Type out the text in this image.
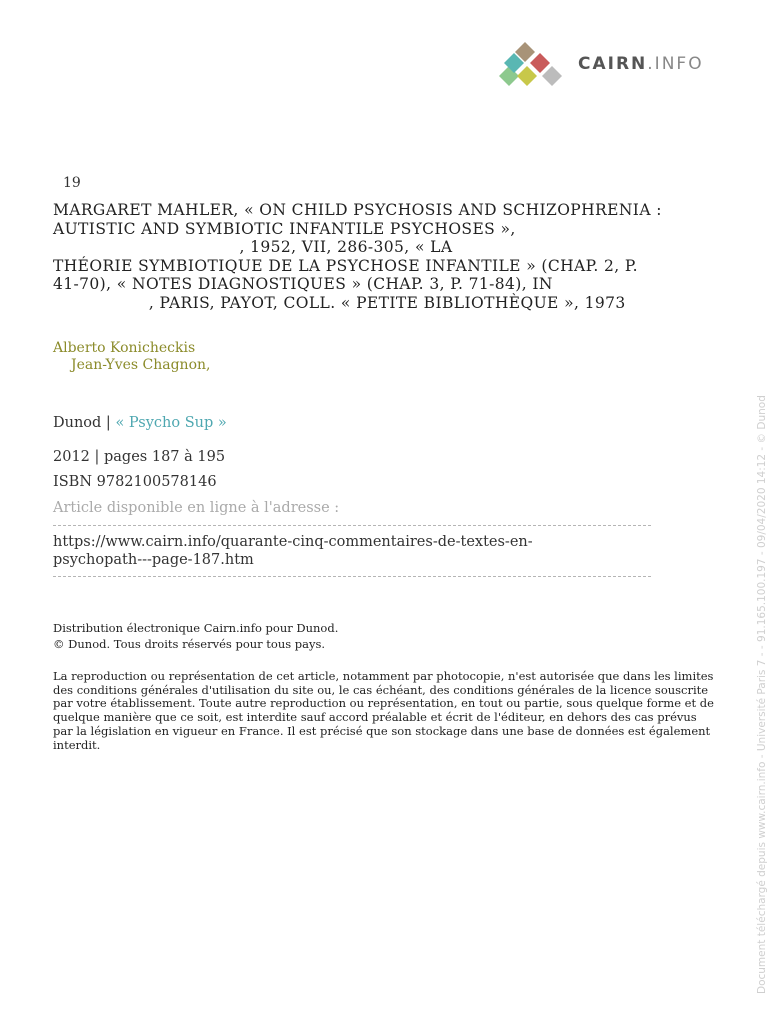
CAIRN.INFO
19
MARGARET MAHLER, « ON CHILD PSYCHOSIS AND SCHIZOPHRENIA :
AUTISTIC AND SYMBIOTIC INFANTILE PSYCHOSES »,
, 1952, VII, 286-305, « LA
THÉORIE SYMBIOTIQUE DE LA PSYCHOSE INFANTILE » (CHAP. 2, P.
41-70), « NOTES DIAGNOSTIQUES » (CHAP. 3, P. 71-84), IN
, PARIS, PAYOT, COLL. « PETITE BIBLIOTHÈQUE », 1973
Alberto Konicheckis
Jean-Yves Chagnon,
Dunod | « Psycho Sup »
2012 | pages 187 à 195
ISBN 9782100578146
Article disponible en ligne à l'adresse :
https://www.cairn.info/quarante-cinq-commentaires-de-textes-en-
psychopath---page-187.htm
Distribution électronique Cairn.info pour Dunod.
© Dunod. Tous droits réservés pour tous pays.
La reproduction ou représentation de cet article, notamment par photocopie, n'est autorisée que dans les limites des conditions générales d'utilisation du site ou, le cas échéant, des conditions générales de la licence souscrite par votre établissement. Toute autre reproduction ou représentation, en tout ou partie, sous quelque forme et de quelque manière que ce soit, est interdite sauf accord préalable et écrit de l'éditeur, en dehors des cas prévus par la législation en vigueur en France. Il est précisé que son stockage dans une base de données est également interdit.	Document téléchargé depuis www.cairn.info - Université Paris 7 - - 91.165.100.197 - 09/04/2020 14:12 - © Dunod
